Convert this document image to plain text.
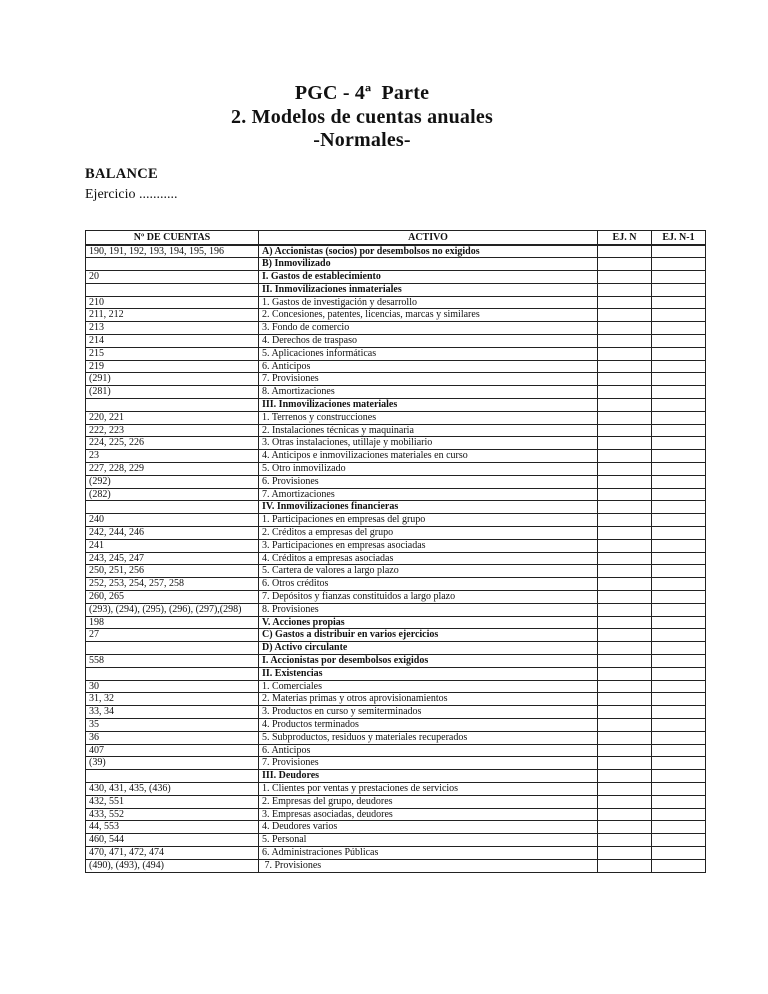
PGC - 4ª Parte
2. Modelos de cuentas anuales
-Normales-
BALANCE
Ejercicio ...........
Nº DE CUENTAS	ACTIVO	EJ. N	EJ. N-1
190, 191, 192, 193, 194, 195, 196	A) Accionistas (socios) por desembolsos no exigidos		
	B) Inmovilizado		
20	I. Gastos de establecimiento		
	II. Inmovilizaciones inmateriales		
210	1. Gastos de investigación y desarrollo		
211, 212	2. Concesiones, patentes, licencias, marcas y similares		
213	3. Fondo de comercio		
214	4. Derechos de traspaso		
215	5. Aplicaciones informáticas		
219	6. Anticipos		
(291)	7. Provisiones		
(281)	8. Amortizaciones		
	III. Inmovilizaciones materiales		
220, 221	1. Terrenos y construcciones		
222, 223	2. Instalaciones técnicas y maquinaria		
224, 225, 226	3. Otras instalaciones, utillaje y mobiliario		
23	4. Anticipos e inmovilizaciones materiales en curso		
227, 228, 229	5. Otro inmovilizado		
(292)	6. Provisiones		
(282)	7. Amortizaciones		
	IV. Inmovilizaciones financieras		
240	1. Participaciones en empresas del grupo		
242, 244, 246	2. Créditos a empresas del grupo		
241	3. Participaciones en empresas asociadas		
243, 245, 247	4. Créditos a empresas asociadas		
250, 251, 256	5. Cartera de valores a largo plazo		
252, 253, 254, 257, 258	6. Otros créditos		
260, 265	7. Depósitos y fianzas constituidos a largo plazo		
(293), (294), (295), (296), (297),(298)	8. Provisiones		
198	V. Acciones propias		
27	C) Gastos a distribuir en varios ejercicios		
	D) Activo circulante		
558	I. Accionistas por desembolsos exigidos		
	II. Existencias		
30	1. Comerciales		
31, 32	2. Materias primas y otros aprovisionamientos		
33, 34	3. Productos en curso y semiterminados		
35	4. Productos terminados		
36	5. Subproductos, residuos y materiales recuperados		
407	6. Anticipos		
(39)	7. Provisiones		
	III. Deudores		
430, 431, 435, (436)	1. Clientes por ventas y prestaciones de servicios		
432, 551	2. Empresas del grupo, deudores		
433, 552	3. Empresas asociadas, deudores		
44, 553	4. Deudores varios		
460, 544	5. Personal		
470, 471, 472, 474	6. Administraciones Públicas		
(490), (493), (494)	7. Provisiones		
